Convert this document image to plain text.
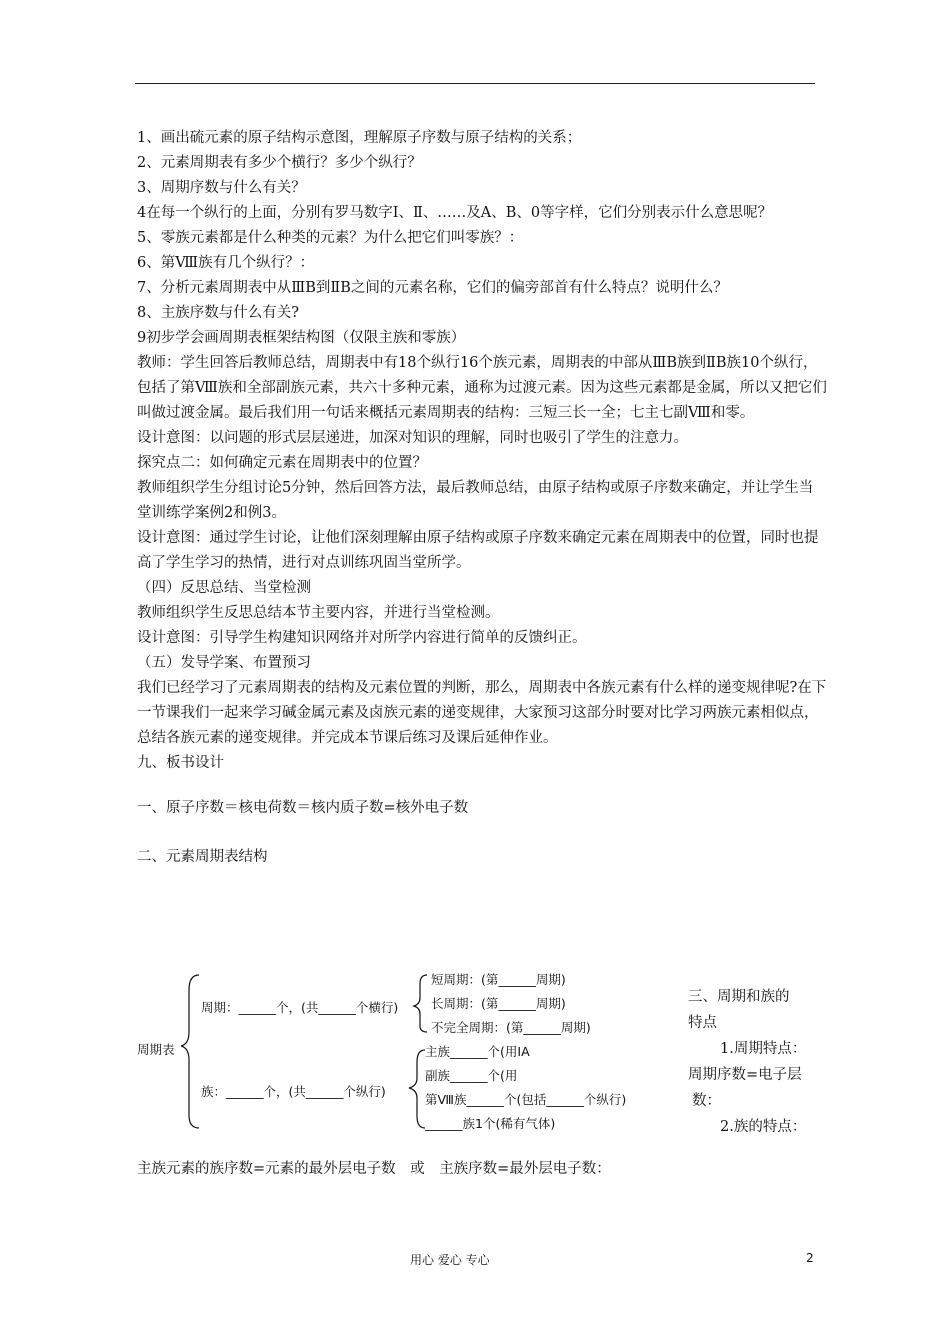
1、画出硫元素的原子结构示意图，理解原子序数与原子结构的关系；
2、元素周期表有多少个横行？多少个纵行？
3、周期序数与什么有关？
4在每一个纵行的上面，分别有罗马数字Ⅰ、Ⅱ、……及A、B、0等字样，它们分别表示什么意思呢？
5、零族元素都是什么种类的元素？为什么把它们叫零族？：
6、第Ⅷ族有几个纵行？：
7、分析元素周期表中从ⅢB到ⅡB之间的元素名称，它们的偏旁部首有什么特点？说明什么？
8、主族序数与什么有关?
9初步学会画周期表框架结构图（仅限主族和零族）
教师：学生回答后教师总结，周期表中有18个纵行16个族元素，周期表的中部从ⅢB族到ⅡB族10个纵行，包括了第Ⅷ族和全部副族元素，共六十多种元素，通称为过渡元素。因为这些元素都是金属，所以又把它们叫做过渡金属。最后我们用一句话来概括元素周期表的结构：三短三长一全；七主七副Ⅷ和零。
设计意图：以问题的形式层层递进，加深对知识的理解，同时也吸引了学生的注意力。
探究点二：如何确定元素在周期表中的位置？
教师组织学生分组讨论5分钟，然后回答方法，最后教师总结，由原子结构或原子序数来确定，并让学生当堂训练学案例2和例3。
设计意图：通过学生讨论，让他们深刻理解由原子结构或原子序数来确定元素在周期表中的位置，同时也提高了学生学习的热情，进行对点训练巩固当堂所学。
（四）反思总结、当堂检测
教师组织学生反思总结本节主要内容，并进行当堂检测。
设计意图：引导学生构建知识网络并对所学内容进行简单的反馈纠正。
（五）发导学案、布置预习
我们已经学习了元素周期表的结构及元素位置的判断，那么，周期表中各族元素有什么样的递变规律呢?在下一节课我们一起来学习碱金属元素及卤族元素的递变规律，大家预习这部分时要对比学习两族元素相似点，总结各族元素的递变规律。并完成本节课后练习及课后延伸作业。
九、板书设计
一、原子序数＝核电荷数＝核内质子数=核外电子数
二、元素周期表结构
周期表
周期：______个，(共______个横行)
短周期：(第______周期)
长周期：(第______周期)
不完全周期：(第______周期)
族：______个，(共______个纵行)
主族______个(用ⅠA
副族______个(用
第Ⅷ族______个(包括______个纵行)
______族1个(稀有气体)
三、周期和族的
特点
1.周期特点：
周期序数=电子层
数：
2.族的特点：
主族元素的族序数=元素的最外层电子数　或　主族序数=最外层电子数：
用心 爱心 专心	2
